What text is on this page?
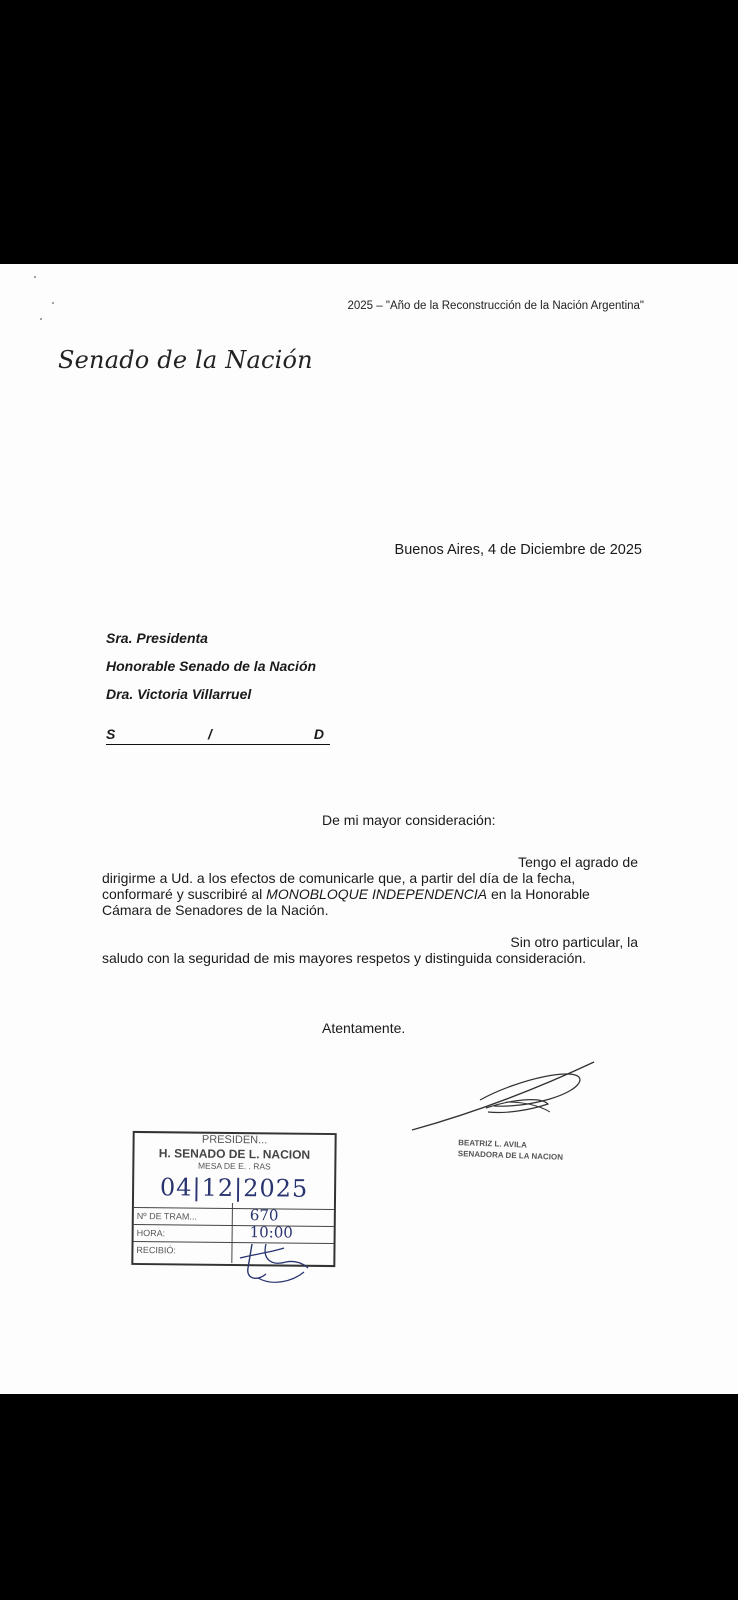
2025 – "Año de la Reconstrucción de la Nación Argentina"
Senado de la Nación
Buenos Aires, 4 de Diciembre de 2025
Sra. Presidenta
Honorable Senado de la Nación
Dra. Victoria Villarruel
S	/	D
De mi mayor consideración:
Tengo el agrado de
dirigirme a Ud. a los efectos de comunicarle que, a partir del día de la fecha,
conformaré y suscribiré al MONOBLOQUE INDEPENDENCIA en la Honorable
Cámara de Senadores de la Nación.
Sin otro particular, la
saludo con la seguridad de mis mayores respetos y distinguida consideración.
Atentamente.
BEATRIZ L. AVILA
SENADORA DE LA NACION
PRESIDEN...
H. SENADO DE L. NACION
MESA DE E. . RAS
04|12|2025
Nº DE TRAM...	670
HORA:	10:00
RECIBIÓ:
